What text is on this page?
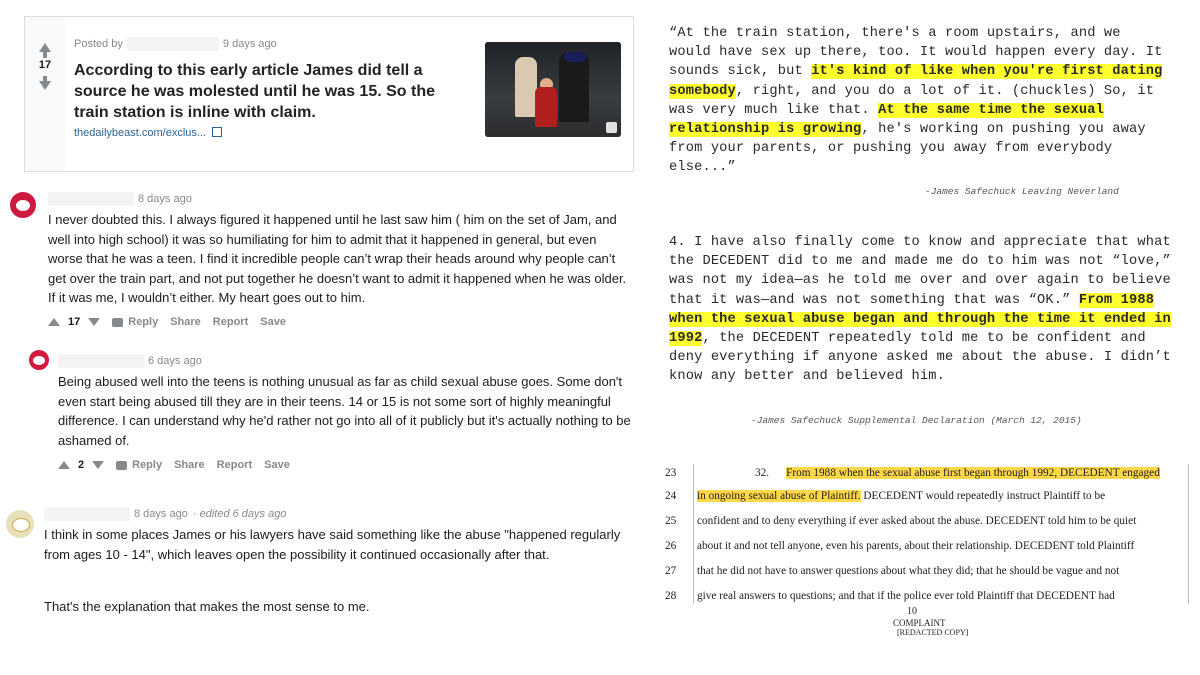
17
Posted by	9 days ago
According to this early article James did tell a source he was molested until he was 15. So the train station is inline with claim.
thedailybeast.com/exclus...
8 days ago
I never doubted this. I always figured it happened until he last saw him ( him on the set of Jam, and well into high school) it was so humiliating for him to admit that it happened in general, but even worse that he was a teen. I find it incredible people can’t wrap their heads around why people can’t get over the train part, and not put together he doesn’t want to admit it happened when he was older. If it was me, I wouldn’t either. My heart goes out to him.
17	Reply Share Report Save
6 days ago
Being abused well into the teens is nothing unusual as far as child sexual abuse goes. Some don't even start being abused till they are in their teens. 14 or 15 is not some sort of highly meaningful difference. I can understand why he'd rather not go into all of it publicly but it's actually nothing to be ashamed of.
2	Reply Share Report Save
8 days ago · edited 6 days ago
I think in some places James or his lawyers have said something like the abuse "happened regularly from ages 10 - 14", which leaves open the possibility it continued occasionally after that.
That's the explanation that makes the most sense to me.
“At the train station, there's a room upstairs, and we would have sex up there, too. It would happen every day. It sounds sick, but it's kind of like when you're first dating somebody, right, and you do a lot of it. (chuckles) So, it was very much like that. At the same time the sexual relationship is growing, he's working on pushing you away from your parents, or pushing you away from everybody else...”
-James Safechuck Leaving Neverland
4. I have also finally come to know and appreciate that what the DECEDENT did to me and made me do to him was not “love,” was not my idea—as he told me over and over again to believe that it was—and was not something that was “OK.” From 1988 when the sexual abuse began and through the time it ended in 1992, the DECEDENT repeatedly told me to be confident and deny everything if anyone asked me about the abuse. I didn’t know any better and believed him.
-James Safechuck Supplemental Declaration (March 12, 2015)
23	32.      From 1988 when the sexual abuse first began through 1992, DECEDENT engaged
24	in ongoing sexual abuse of Plaintiff. DECEDENT would repeatedly instruct Plaintiff to be
25	confident and to deny everything if ever asked about the abuse. DECEDENT told him to be quiet
26	about it and not tell anyone, even his parents, about their relationship. DECEDENT told Plaintiff
27	that he did not have to answer questions about what they did; that he should be vague and not
28	give real answers to questions; and that if the police ever told Plaintiff that DECEDENT had
10
COMPLAINT
[REDACTED COPY]
